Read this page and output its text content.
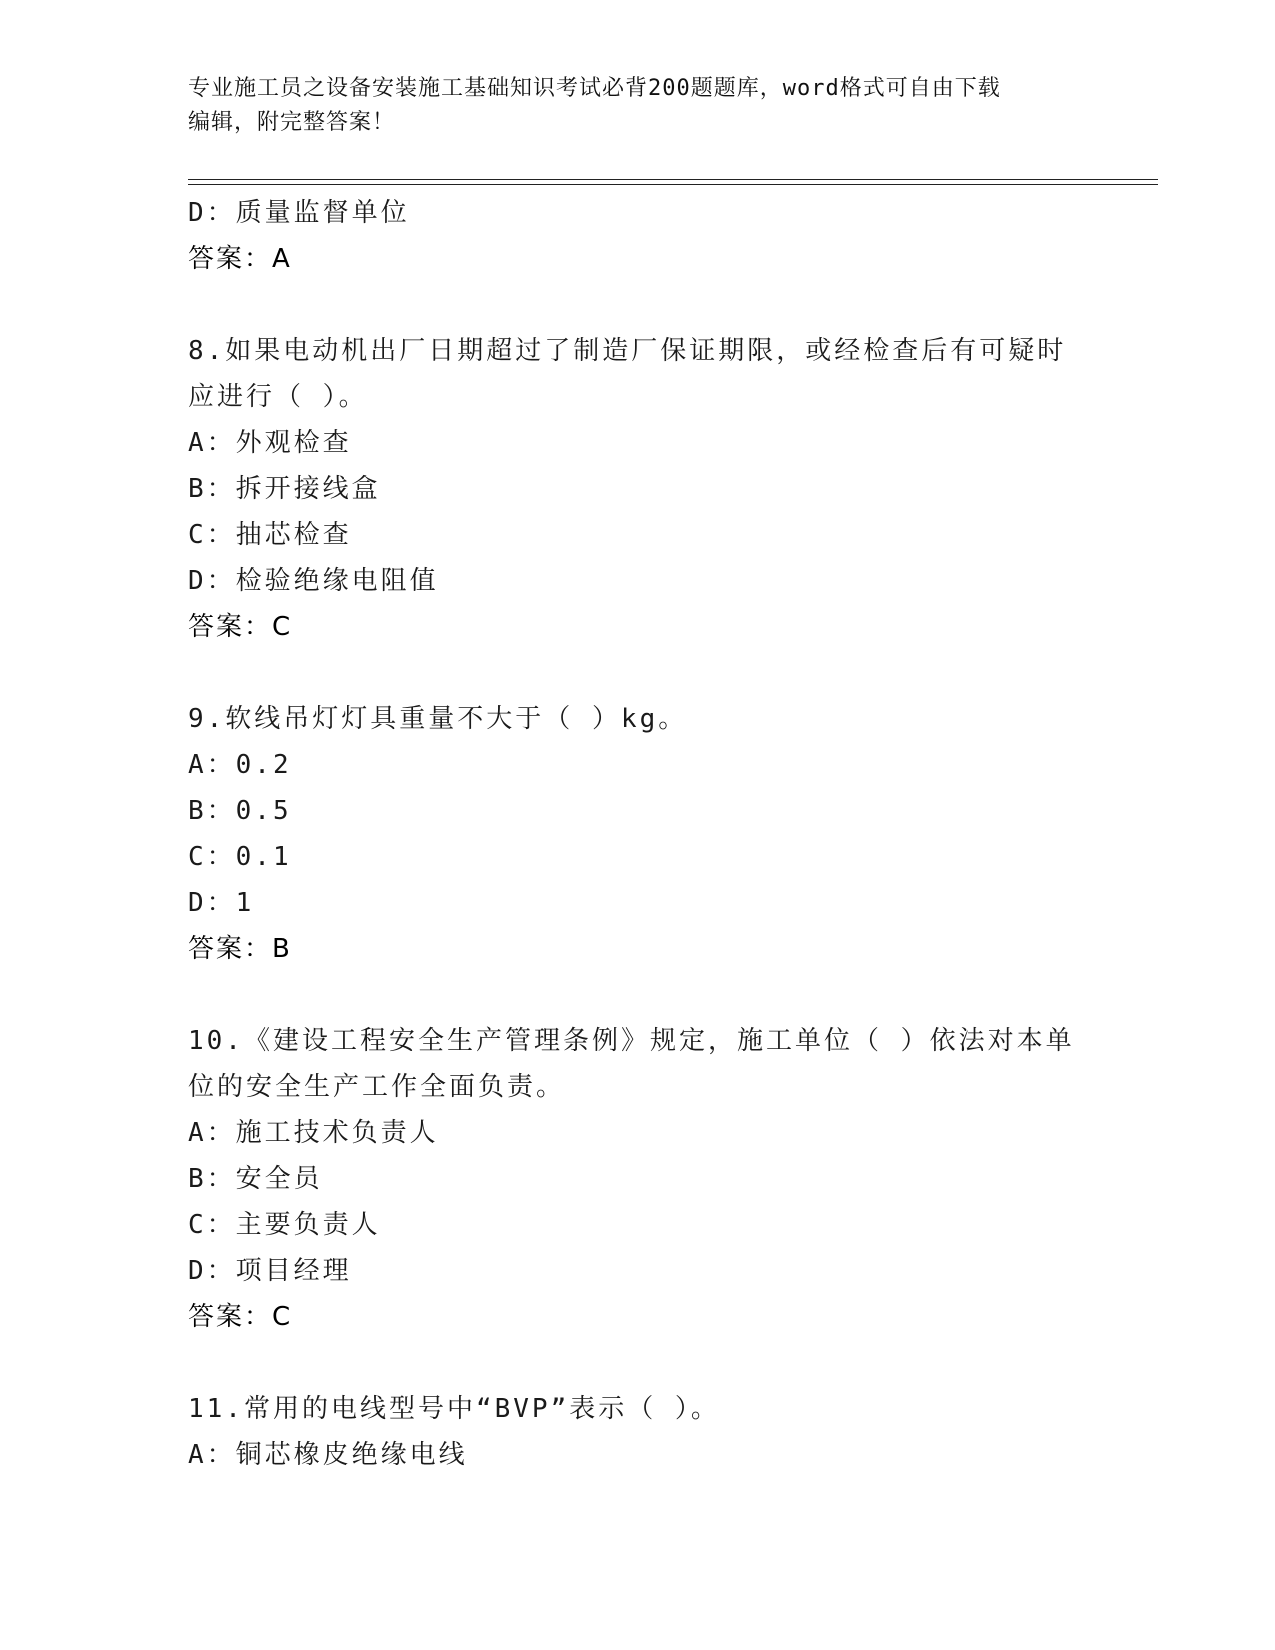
专业施工员之设备安装施工基础知识考试必背200题题库，word格式可自由下载
编辑，附完整答案！
D：质量监督单位
答案：A
8.如果电动机出厂日期超过了制造厂保证期限，或经检查后有可疑时
应进行（ ）。
A：外观检查
B：拆开接线盒
C：抽芯检查
D：检验绝缘电阻值
答案：C
9.软线吊灯灯具重量不大于（ ）kg。
A：0.2
B：0.5
C：0.1
D：1
答案：B
10.《建设工程安全生产管理条例》规定，施工单位（ ）依法对本单
位的安全生产工作全面负责。
A：施工技术负责人
B：安全员
C：主要负责人
D：项目经理
答案：C
11.常用的电线型号中“BVP”表示（ ）。
A：铜芯橡皮绝缘电线
